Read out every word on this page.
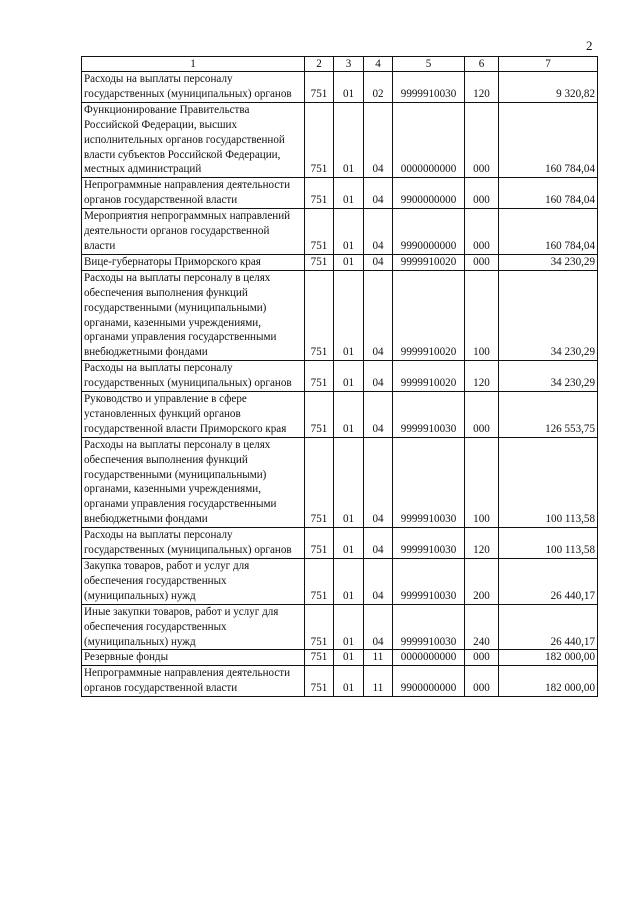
2
1	2	3	4	5	6	7
Расходы на выплаты персоналу государственных (муниципальных) органов	751	01	02	9999910030	120	9 320,82
Функционирование Правительства Российской Федерации, высших исполнительных органов государственной власти субъектов Российской Федерации, местных администраций	751	01	04	0000000000	000	160 784,04
Непрограммные направления деятельности органов государственной власти	751	01	04	9900000000	000	160 784,04
Мероприятия непрограммных направлений деятельности органов государственной власти	751	01	04	9990000000	000	160 784,04
Вице-губернаторы Приморского края	751	01	04	9999910020	000	34 230,29
Расходы на выплаты персоналу в целях обеспечения выполнения функций государственными (муниципальными) органами, казенными учреждениями, органами управления государственными внебюджетными фондами	751	01	04	9999910020	100	34 230,29
Расходы на выплаты персоналу государственных (муниципальных) органов	751	01	04	9999910020	120	34 230,29
Руководство и управление в сфере установленных функций органов государственной власти Приморского края	751	01	04	9999910030	000	126 553,75
Расходы на выплаты персоналу в целях обеспечения выполнения функций государственными (муниципальными) органами, казенными учреждениями, органами управления государственными внебюджетными фондами	751	01	04	9999910030	100	100 113,58
Расходы на выплаты персоналу государственных (муниципальных) органов	751	01	04	9999910030	120	100 113,58
Закупка товаров, работ и услуг для обеспечения государственных (муниципальных) нужд	751	01	04	9999910030	200	26 440,17
Иные закупки товаров, работ и услуг для обеспечения государственных (муниципальных) нужд	751	01	04	9999910030	240	26 440,17
Резервные фонды	751	01	11	0000000000	000	182 000,00
Непрограммные направления деятельности органов государственной власти	751	01	11	9900000000	000	182 000,00
